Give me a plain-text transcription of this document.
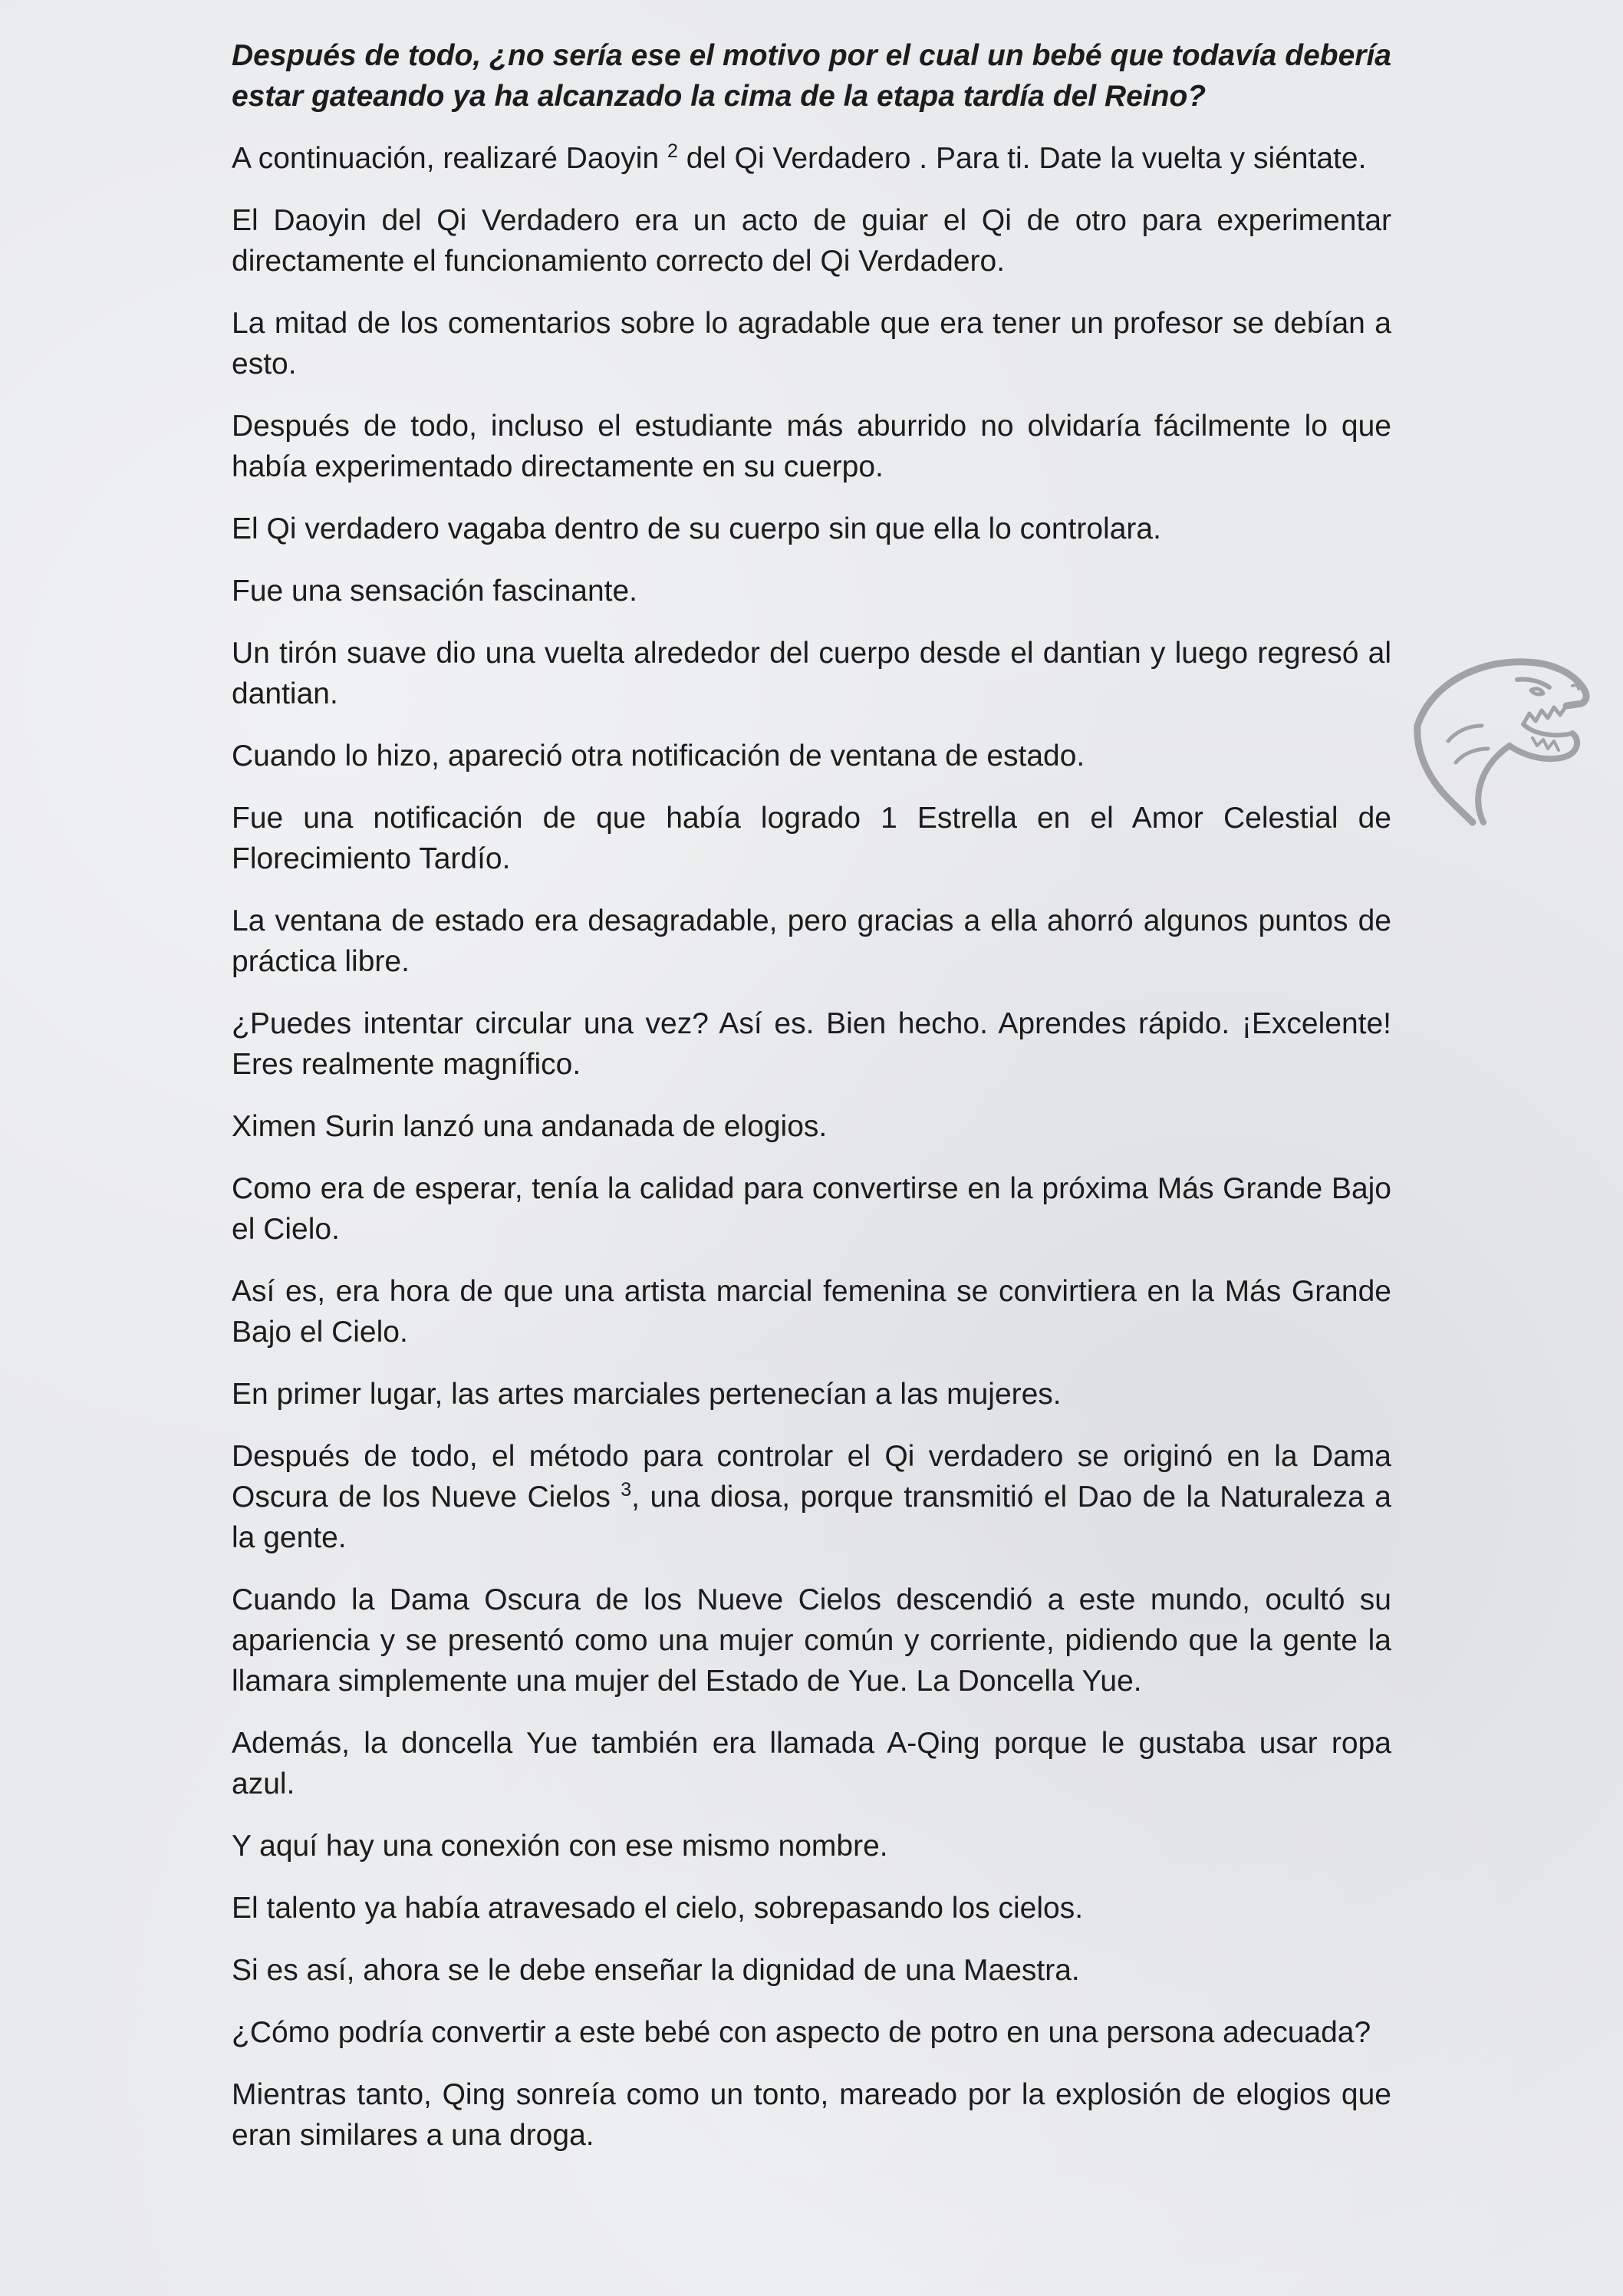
Después de todo, ¿no sería ese el motivo por el cual un bebé que todavía debería estar gateando ya ha alcanzado la cima de la etapa tardía del Reino?

A continuación, realizaré Daoyin $^2$ del Qi Verdadero . Para ti. Date la vuelta y siéntate.

El Daoyin del Qi Verdadero era un acto de guiar el Qi de otro para experimentar directamente el funcionamiento correcto del Qi Verdadero.

La mitad de los comentarios sobre lo agradable que era tener un profesor se debían a esto.

Después de todo, incluso el estudiante más aburrido no olvidaría fácilmente lo que había experimentado directamente en su cuerpo.

El Qi verdadero vagaba dentro de su cuerpo sin que ella lo controlara.

Fue una sensación fascinante.

Un tirón suave dio una vuelta alrededor del cuerpo desde el dantian y luego regresó al dantian.

Cuando lo hizo, apareció otra notificación de ventana de estado.

Fue una notificación de que había logrado 1 Estrella en el Amor Celestial de Florecimiento Tardío.

La ventana de estado era desagradable, pero gracias a ella ahorró algunos puntos de práctica libre.

¿Puedes intentar circular una vez? Así es. Bien hecho. Aprendes rápido. ¡Excelente! Eres realmente magnífico.

Ximen Surin lanzó una andanada de elogios.

Como era de esperar, tenía la calidad para convertirse en la próxima Más Grande Bajo el Cielo.

Así es, era hora de que una artista marcial femenina se convirtiera en la Más Grande Bajo el Cielo.

En primer lugar, las artes marciales pertenecían a las mujeres.

Después de todo, el método para controlar el Qi verdadero se originó en la Dama Oscura de los Nueve Cielos $^3$, una diosa, porque transmitió el Dao de la Naturaleza a la gente.

Cuando la Dama Oscura de los Nueve Cielos descendió a este mundo, ocultó su apariencia y se presentó como una mujer común y corriente, pidiendo que la gente la llamara simplemente una mujer del Estado de Yue. La Doncella Yue.

Además, la doncella Yue también era llamada A-Qing porque le gustaba usar ropa azul.

Y aquí hay una conexión con ese mismo nombre.

El talento ya había atravesado el cielo, sobrepasando los cielos.

Si es así, ahora se le debe enseñar la dignidad de una Maestra.

¿Cómo podría convertir a este bebé con aspecto de potro en una persona adecuada?

Mientras tanto, Qing sonreía como un tonto, mareado por la explosión de elogios que eran similares a una droga.
